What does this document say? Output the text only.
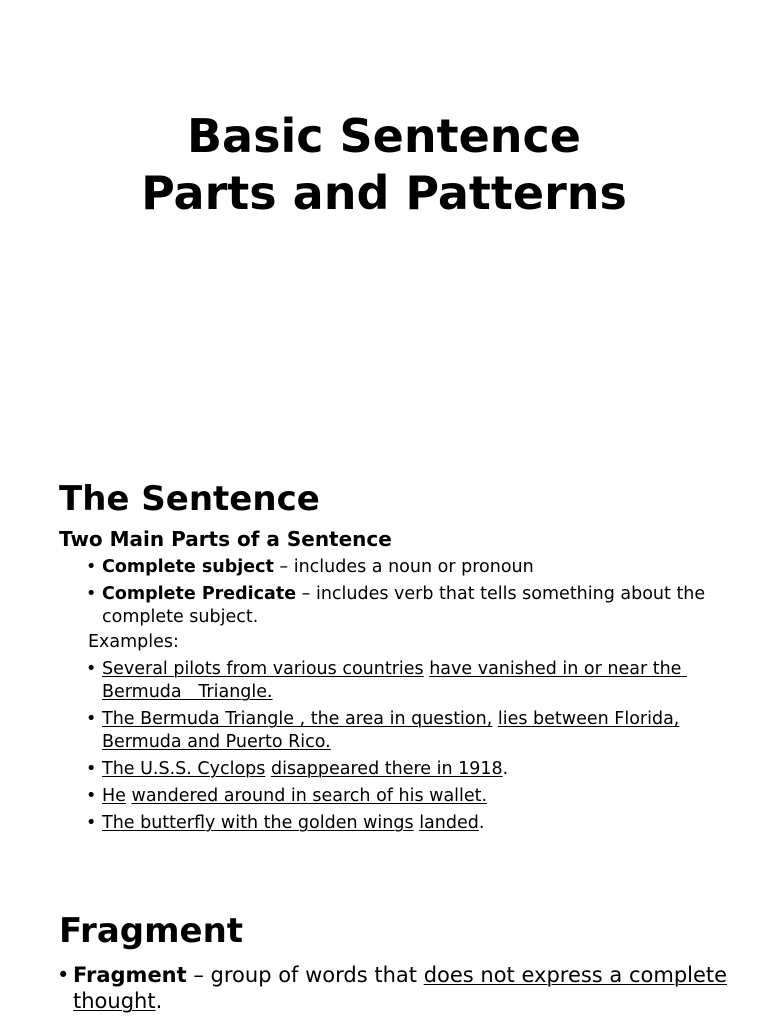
Basic Sentence
Parts and Patterns
The Sentence
Two Main Parts of a Sentence
• Complete subject – includes a noun or pronoun
• Complete Predicate – includes verb that tells something about the complete subject.
Examples:
• Several pilots from various countries have vanished in or near the Bermuda   Triangle.
• The Bermuda Triangle , the area in question, lies between Florida, Bermuda and Puerto Rico.
• The U.S.S. Cyclops disappeared there in 1918.
• He wandered around in search of his wallet.
• The butterfly with the golden wings landed.
Fragment
• Fragment – group of words that does not express a complete thought.
